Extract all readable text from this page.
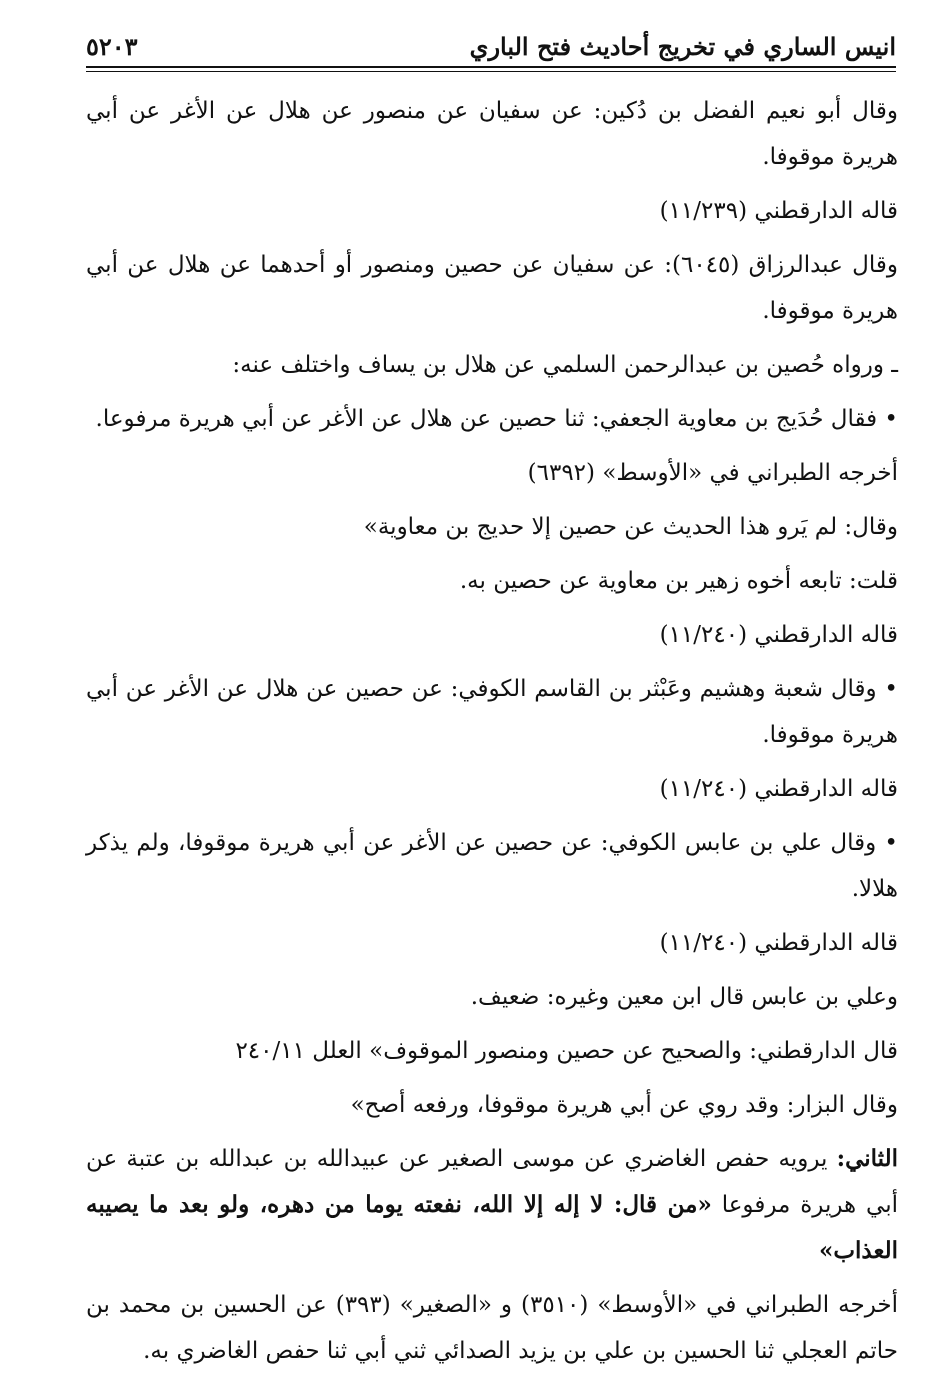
انيس الساري في تخريج أحاديث فتح الباري
٥٢٠٣

وقال أبو نعيم الفضل بن دُكين: عن سفيان عن منصور عن هلال عن الأغر عن أبي هريرة موقوفا.

قاله الدارقطني (١١/٢٣٩)

وقال عبدالرزاق (٦٠٤٥): عن سفيان عن حصين ومنصور أو أحدهما عن هلال عن أبي هريرة موقوفا.

ـ ورواه حُصين بن عبدالرحمن السلمي عن هلال بن يساف واختلف عنه:

• فقال حُدَيج بن معاوية الجعفي: ثنا حصين عن هلال عن الأغر عن أبي هريرة مرفوعا.

أخرجه الطبراني في «الأوسط» (٦٣٩٢)

وقال: لم يَرو هذا الحديث عن حصين إلا حديج بن معاوية»

قلت: تابعه أخوه زهير بن معاوية عن حصين به.

قاله الدارقطني (١١/٢٤٠)

• وقال شعبة وهشيم وعَبْثر بن القاسم الكوفي: عن حصين عن هلال عن الأغر عن أبي هريرة موقوفا.

قاله الدارقطني (١١/٢٤٠)

• وقال علي بن عابس الكوفي: عن حصين عن الأغر عن أبي هريرة موقوفا، ولم يذكر هلالا.

قاله الدارقطني (١١/٢٤٠)

وعلي بن عابس قال ابن معين وغيره: ضعيف.

قال الدارقطني: والصحيح عن حصين ومنصور الموقوف» العلل ٢٤٠/١١

وقال البزار: وقد روي عن أبي هريرة موقوفا، ورفعه أصح»

الثاني: يرويه حفص الغاضري عن موسى الصغير عن عبيدالله بن عبدالله بن عتبة عن أبي هريرة مرفوعا «من قال: لا إله إلا الله، نفعته يوما من دهره، ولو بعد ما يصيبه العذاب»

أخرجه الطبراني في «الأوسط» (٣٥١٠) و «الصغير» (٣٩٣) عن الحسين بن محمد بن حاتم العجلي ثنا الحسين بن علي بن يزيد الصدائي ثني أبي ثنا حفص الغاضري به.
